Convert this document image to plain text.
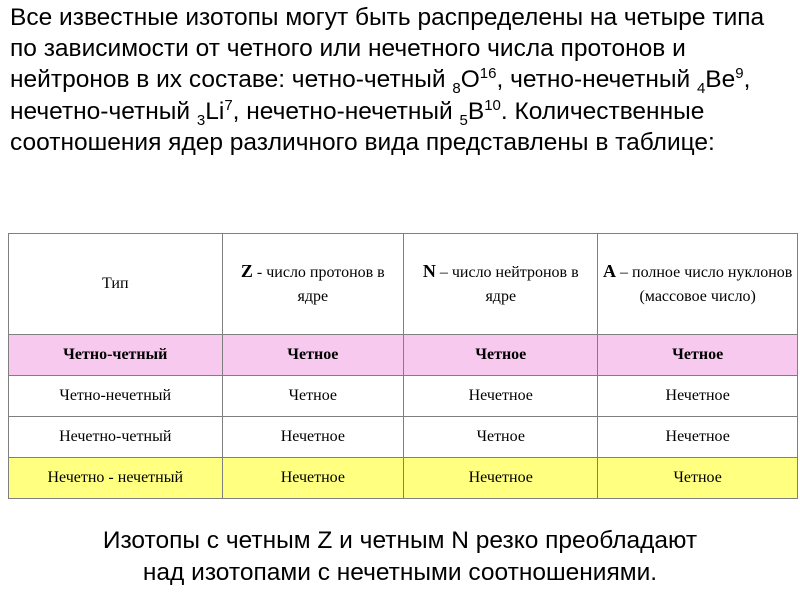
Все известные изотопы могут быть распределены на четыре типа по зависимости от четного или нечетного числа протонов и нейтронов в их составе: четно-четный $_8O^{16}$, четно-нечетный $_4Be^9$, нечетно-четный $_3Li^7$, нечетно-нечетный $_5B^{10}$. Количественные соотношения ядер различного вида представлены в таблице:

Тип	Z - число протонов в ядре	N – число нейтронов в ядре	А – полное число нуклонов (массовое число)
Четно-четный	Четное	Четное	Четное
Четно-нечетный	Четное	Нечетное	Нечетное
Нечетно-четный	Нечетное	Четное	Нечетное
Нечетно - нечетный	Нечетное	Нечетное	Четное

Изотопы с четным Z и четным N резко преобладают

над изотопами с нечетными соотношениями.
